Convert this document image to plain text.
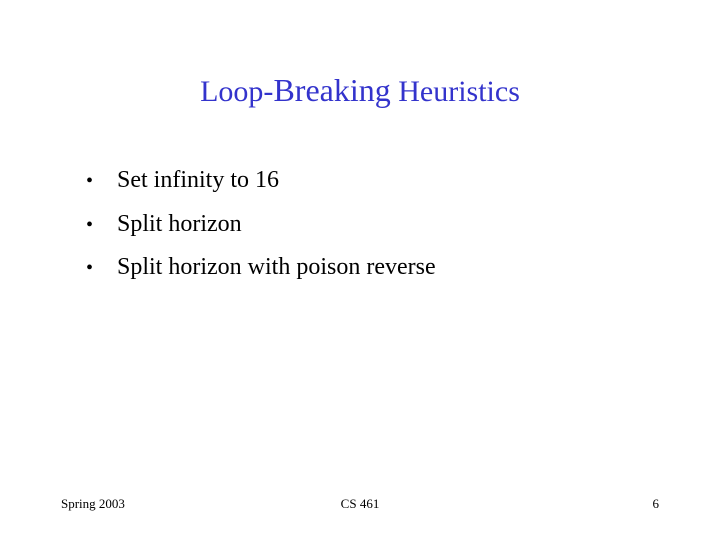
Loop-Breaking Heuristics
• Set infinity to 16
• Split horizon
• Split horizon with poison reverse
Spring 2003	CS 461	6
